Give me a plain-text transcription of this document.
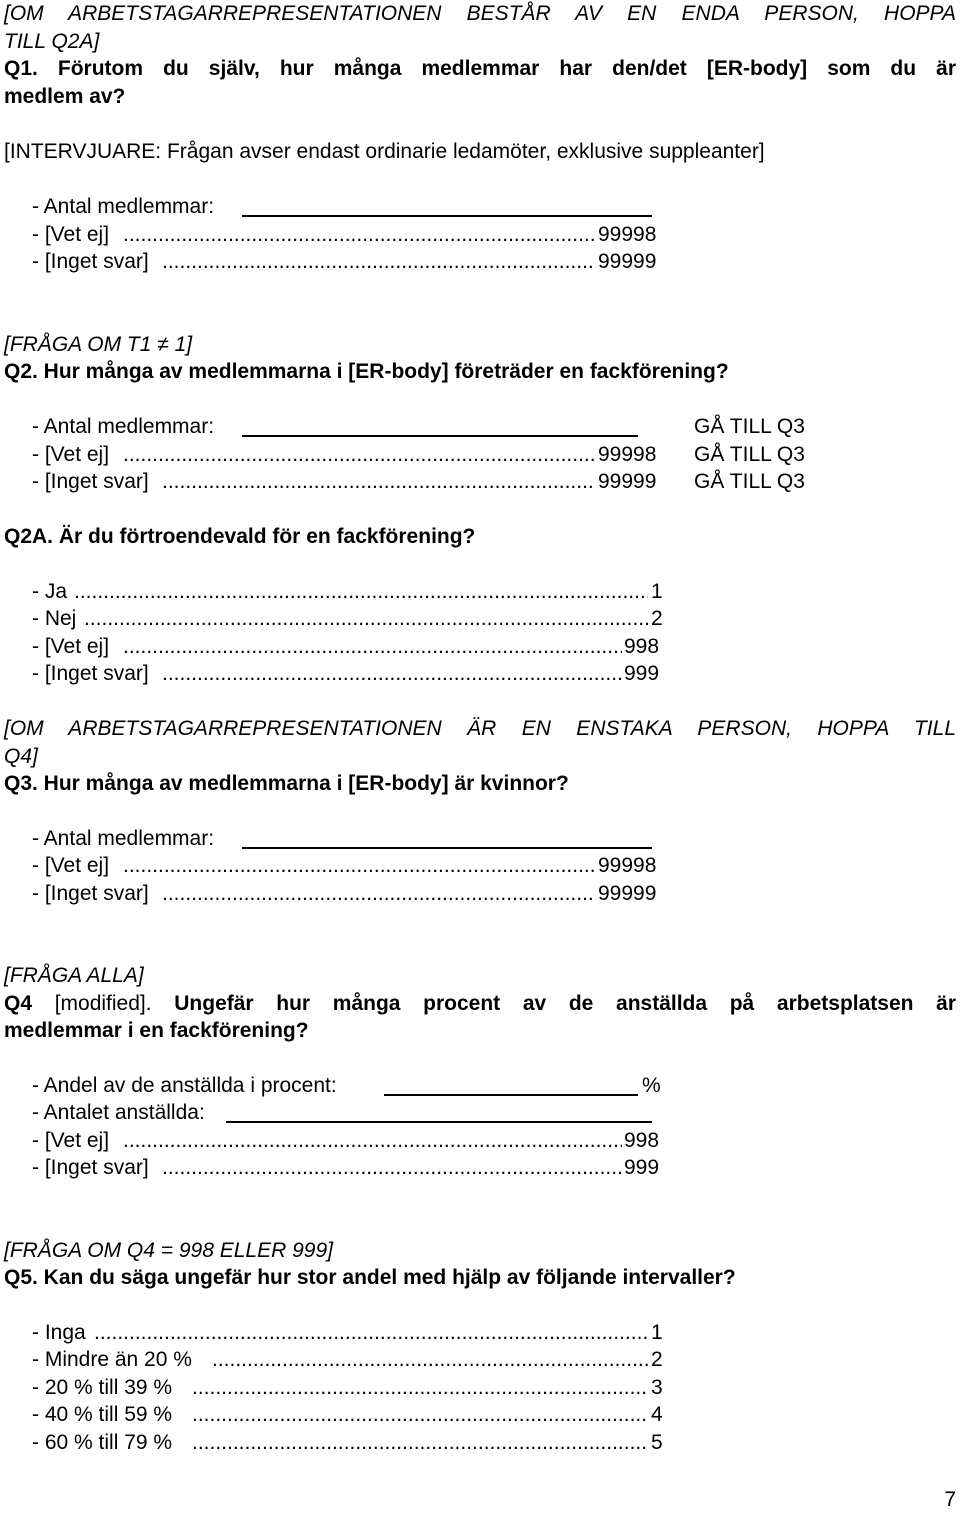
[OM ARBETSTAGARREPRESENTATIONEN BESTÅR AV EN ENDA PERSON, HOPPA
TILL Q2A]
Q1. Förutom du själv, hur många medlemmar har den/det [ER-body] som du är
medlem av?
[INTERVJUARE: Frågan avser endast ordinarie ledamöter, exklusive suppleanter]
- Antal medlemmar:
- [Vet ej] .....	99998
- [Inget svar] .....	99999
[FRÅGA OM T1 ≠ 1]
Q2. Hur många av medlemmarna i [ER-body] företräder en fackförening?
- Antal medlemmar:	GÅ TILL Q3
- [Vet ej] .....	99998 GÅ TILL Q3
- [Inget svar] .....	99999 GÅ TILL Q3
Q2A. Är du förtroendevald för en fackförening?
- Ja .....	1
- Nej .....	2
- [Vet ej] .....	998
- [Inget svar] .....	999
[OM ARBETSTAGARREPRESENTATIONEN ÄR EN ENSTAKA PERSON, HOPPA TILL
Q4]
Q3. Hur många av medlemmarna i [ER-body] är kvinnor?
- Antal medlemmar:
- [Vet ej] .....	99998
- [Inget svar] .....	99999
[FRÅGA ALLA]
Q4 [modified]. Ungefär hur många procent av de anställda på arbetsplatsen är
medlemmar i en fackförening?
- Andel av de anställda i procent:	%
- Antalet anställda:
- [Vet ej] .....	998
- [Inget svar] .....	999
[FRÅGA OM Q4 = 998 ELLER 999]
Q5. Kan du säga ungefär hur stor andel med hjälp av följande intervaller?
- Inga .....	1
- Mindre än 20 % .....	2
- 20 % till 39 % .....	3
- 40 % till 59 % .....	4
- 60 % till 79 % .....	5
7
